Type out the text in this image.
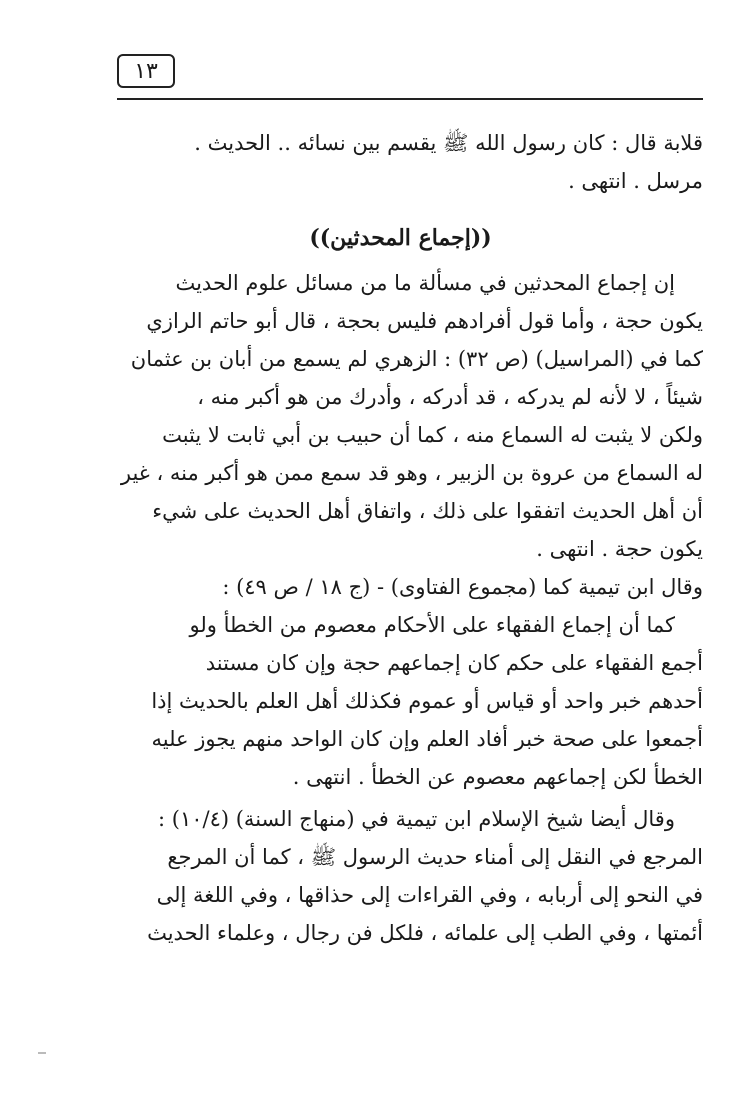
١٣

قلابة قال : كان رسول الله ﷺ يقسم بين نسائه .. الحديث .

مرسل . انتهى .

((إجماع المحدثين))

إن إجماع المحدثين في مسألة ما من مسائل علوم الحديث

يكون حجة ، وأما قول أفرادهم فليس بحجة ، قال أبو حاتم الرازي

كما في (المراسيل) (ص ٣٢) : الزهري لم يسمع من أبان بن عثمان

شيئاً ، لا لأنه لم يدركه ، قد أدركه ، وأدرك من هو أكبر منه ،

ولكن لا يثبت له السماع منه ، كما أن حبيب بن أبي ثابت لا يثبت

له السماع من عروة بن الزبير ، وهو قد سمع ممن هو أكبر منه ، غير

أن أهل الحديث اتفقوا على ذلك ، واتفاق أهل الحديث على شيء

يكون حجة . انتهى .

وقال ابن تيمية كما (مجموع الفتاوى) - (ج ١٨ / ص ٤٩) :

كما أن إجماع الفقهاء على الأحكام معصوم من الخطأ ولو

أجمع الفقهاء على حكم كان إجماعهم حجة وإن كان مستند

أحدهم خبر واحد أو قياس أو عموم فكذلك أهل العلم بالحديث إذا

أجمعوا على صحة خبر أفاد العلم وإن كان الواحد منهم يجوز عليه

الخطأ لكن إجماعهم معصوم عن الخطأ . انتهى .

وقال أيضا شيخ الإسلام ابن تيمية في (منهاج السنة) (١٠/٤) :

المرجع في النقل إلى أمناء حديث الرسول ﷺ ، كما أن المرجع

في النحو إلى أربابه ، وفي القراءات إلى حذاقها ، وفي اللغة إلى

أئمتها ، وفي الطب إلى علمائه ، فلكل فن رجال ، وعلماء الحديث
